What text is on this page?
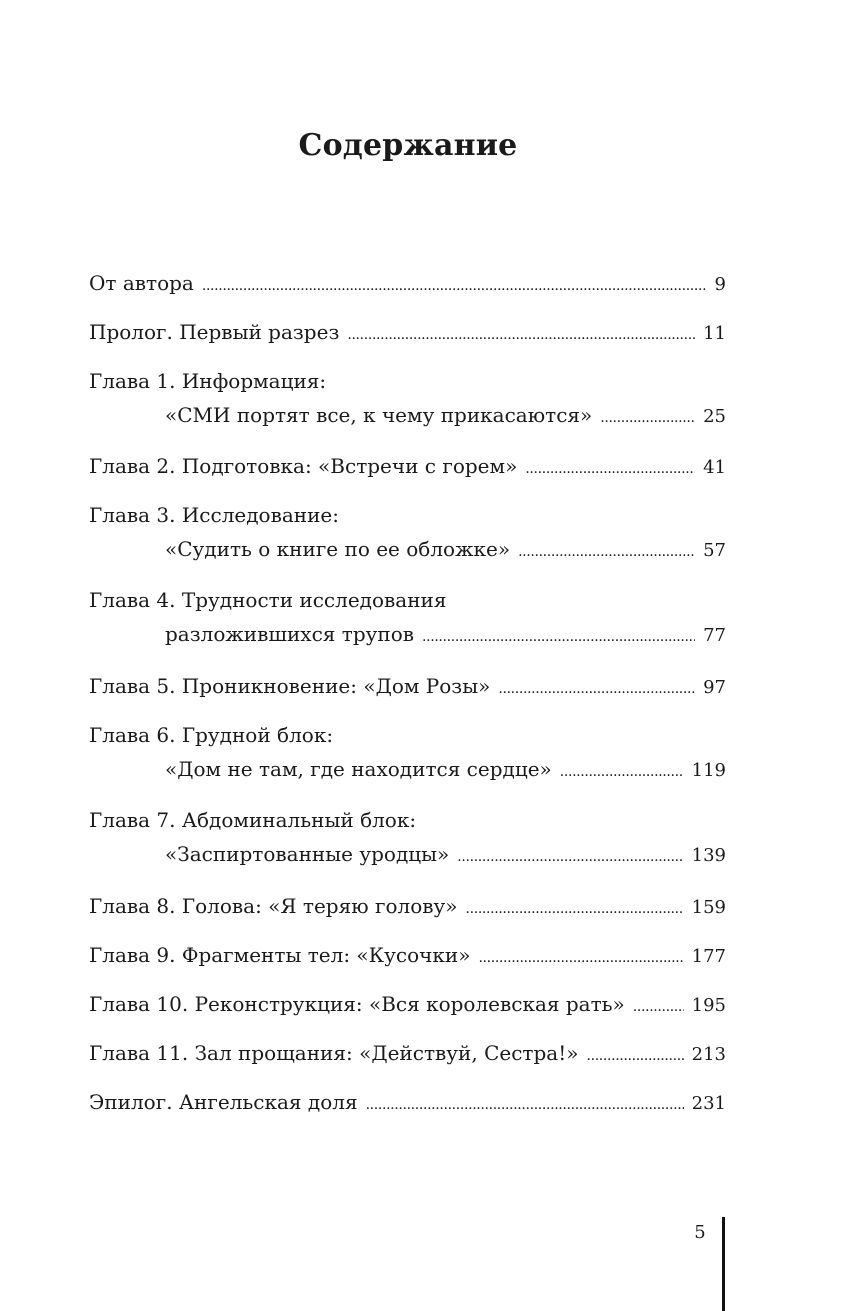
Содержание
От автора . . .	9
Пролог. Первый разрез . . .	11
Глава 1. Информация:
«СМИ портят все, к чему прикасаются» . . .	25
Глава 2. Подготовка: «Встречи с горем» . . .	41
Глава 3. Исследование:
«Судить о книге по ее обложке» . . .	57
Глава 4. Трудности исследования
разложившихся трупов . . .	77
Глава 5. Проникновение: «Дом Розы» . . .	97
Глава 6. Грудной блок:
«Дом не там, где находится сердце» . . .	119
Глава 7. Абдоминальный блок:
«Заспиртованные уродцы» . . .	139
Глава 8. Голова: «Я теряю голову» . . .	159
Глава 9. Фрагменты тел: «Кусочки» . . .	177
Глава 10. Реконструкция: «Вся королевская рать» . . .	195
Глава 11. Зал прощания: «Действуй, Сестра!» . . .	213
Эпилог. Ангельская доля . . .	231
5
